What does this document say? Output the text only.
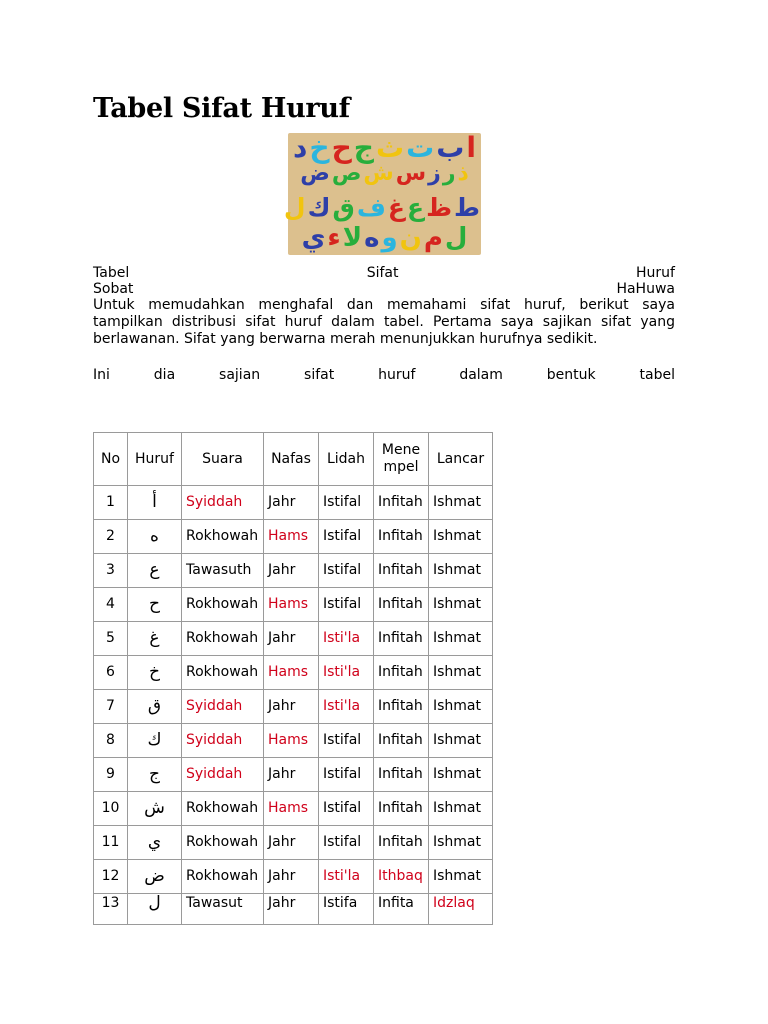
Tabel Sifat Huruf
ابتثجحخد
ذرزسشصض
طظعغفقكل
لمنوهلاءي
Tabel	Sifat	Huruf
Sobat	HaHuwa
Untuk memudahkan menghafal dan memahami sifat huruf, berikut saya tampilkan distribusi sifat huruf dalam tabel. Pertama saya sajikan sifat yang berlawanan. Sifat yang berwarna merah menunjukkan hurufnya sedikit.
Ini	dia	sajian	sifat	huruf	dalam	bentuk	tabel
No	Huruf	Suara	Nafas	Lidah	Menempel	Lancar
1	أ	Syiddah	Jahr	Istifal	Infitah	Ishmat
2	ه	Rokhowah	Hams	Istifal	Infitah	Ishmat
3	ع	Tawasuth	Jahr	Istifal	Infitah	Ishmat
4	ح	Rokhowah	Hams	Istifal	Infitah	Ishmat
5	غ	Rokhowah	Jahr	Isti'la	Infitah	Ishmat
6	خ	Rokhowah	Hams	Isti'la	Infitah	Ishmat
7	ق	Syiddah	Jahr	Isti'la	Infitah	Ishmat
8	ك	Syiddah	Hams	Istifal	Infitah	Ishmat
9	ج	Syiddah	Jahr	Istifal	Infitah	Ishmat
10	ش	Rokhowah	Hams	Istifal	Infitah	Ishmat
11	ي	Rokhowah	Jahr	Istifal	Infitah	Ishmat
12	ض	Rokhowah	Jahr	Isti'la	Ithbaq	Ishmat
13	ل	Tawasut	Jahr	Istifa	Infita	Idzlaq
